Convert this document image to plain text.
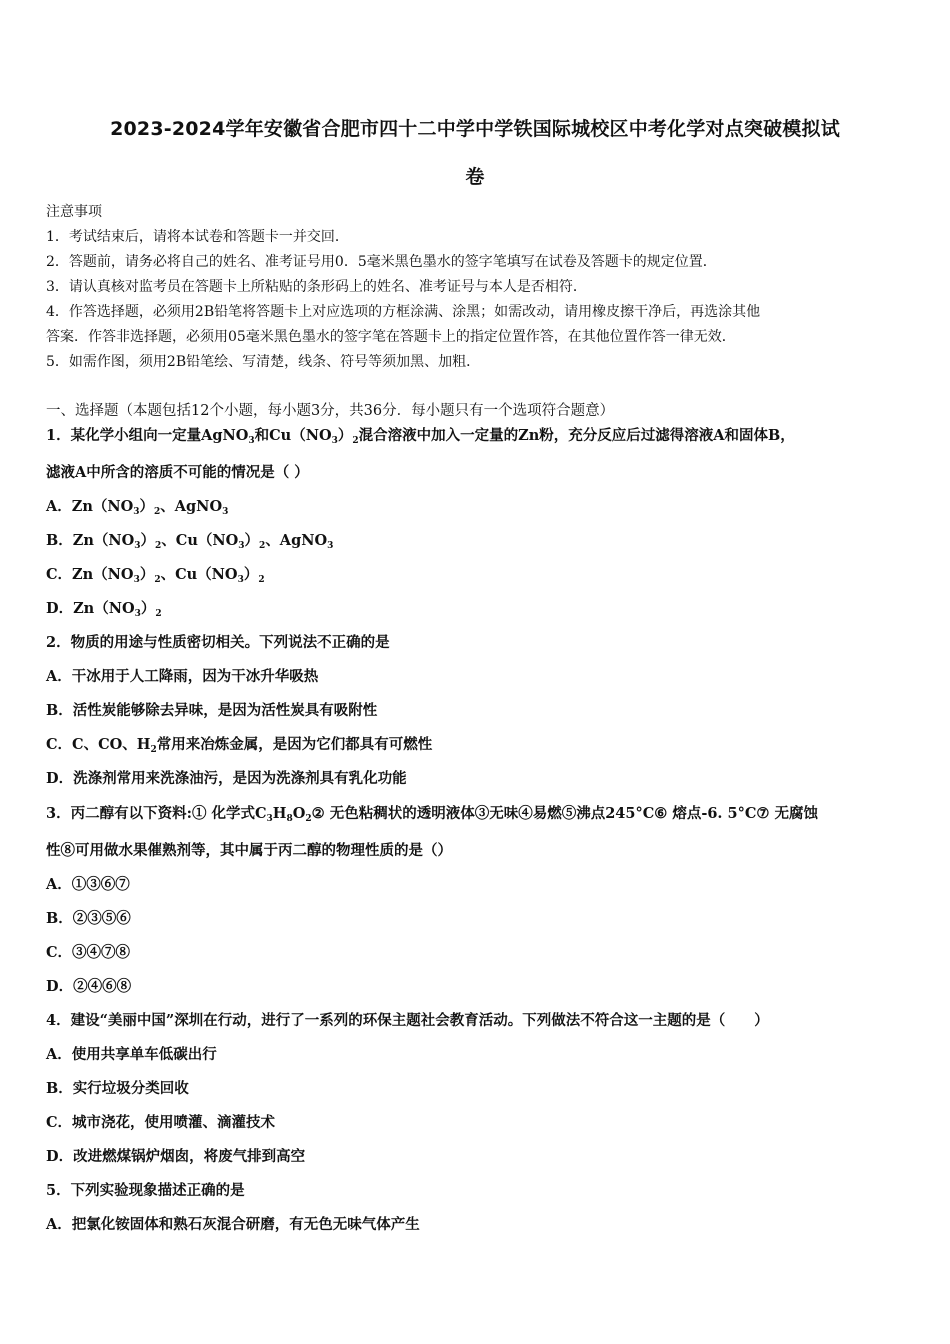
2023-2024学年安徽省合肥市四十二中学中学铁国际城校区中考化学对点突破模拟试
卷
注意事项
1．考试结束后，请将本试卷和答题卡一并交回．
2．答题前，请务必将自己的姓名、准考证号用0．5毫米黑色墨水的签字笔填写在试卷及答题卡的规定位置．
3．请认真核对监考员在答题卡上所粘贴的条形码上的姓名、准考证号与本人是否相符．
4．作答选择题，必须用2B铅笔将答题卡上对应选项的方框涂满、涂黑；如需改动，请用橡皮擦干净后，再选涂其他
答案．作答非选择题，必须用05毫米黑色墨水的签字笔在答题卡上的指定位置作答，在其他位置作答一律无效．
5．如需作图，须用2B铅笔绘、写清楚，线条、符号等须加黑、加粗．
一、选择题（本题包括12个小题，每小题3分，共36分．每小题只有一个选项符合题意）
1．某化学小组向一定量AgNO$_3$和$Cu(NO_3)_2$混合溶液中加入一定量的Zn粉，充分反应后过滤得溶液A和固体B，
滤液A中所含的溶质不可能的情况是（ ）
A．$Zn(NO_3)_2$、AgNO$_3$
B．$Zn(NO_3)_2$、$Cu(NO_3)_2$、AgNO$_3$
C．$Zn(NO_3)_2$、$Cu(NO_3)_2$
D．$Zn(NO_3)_2$
2．物质的用途与性质密切相关。下列说法不正确的是
A．干冰用于人工降雨，因为干冰升华吸热
B．活性炭能够除去异味，是因为活性炭具有吸附性
C．C、CO、$H_2$常用来冶炼金属，是因为它们都具有可燃性
D．洗涤剂常用来洗涤油污，是因为洗涤剂具有乳化功能
3．丙二醇有以下资料:① 化学式$C_3H_8O_2②$ 无色粘稠状的透明液体③无味④易燃⑤沸点245°C⑥ 熔点-6. 5°C⑦ 无腐蚀
性⑧可用做水果催熟剂等，其中属于丙二醇的物理性质的是（）
A．①③⑥⑦
B．②③⑤⑥
C．③④⑦⑧
D．②④⑥⑧
4．建设“美丽中国”深圳在行动，进行了一系列的环保主题社会教育活动。下列做法不符合这一主题的是（　　）
A．使用共享单车低碳出行
B．实行垃圾分类回收
C．城市浇花，使用喷灌、滴灌技术
D．改进燃煤锅炉烟囱，将废气排到高空
5．下列实验现象描述正确的是
A．把氯化铵固体和熟石灰混合研磨，有无色无味气体产生
